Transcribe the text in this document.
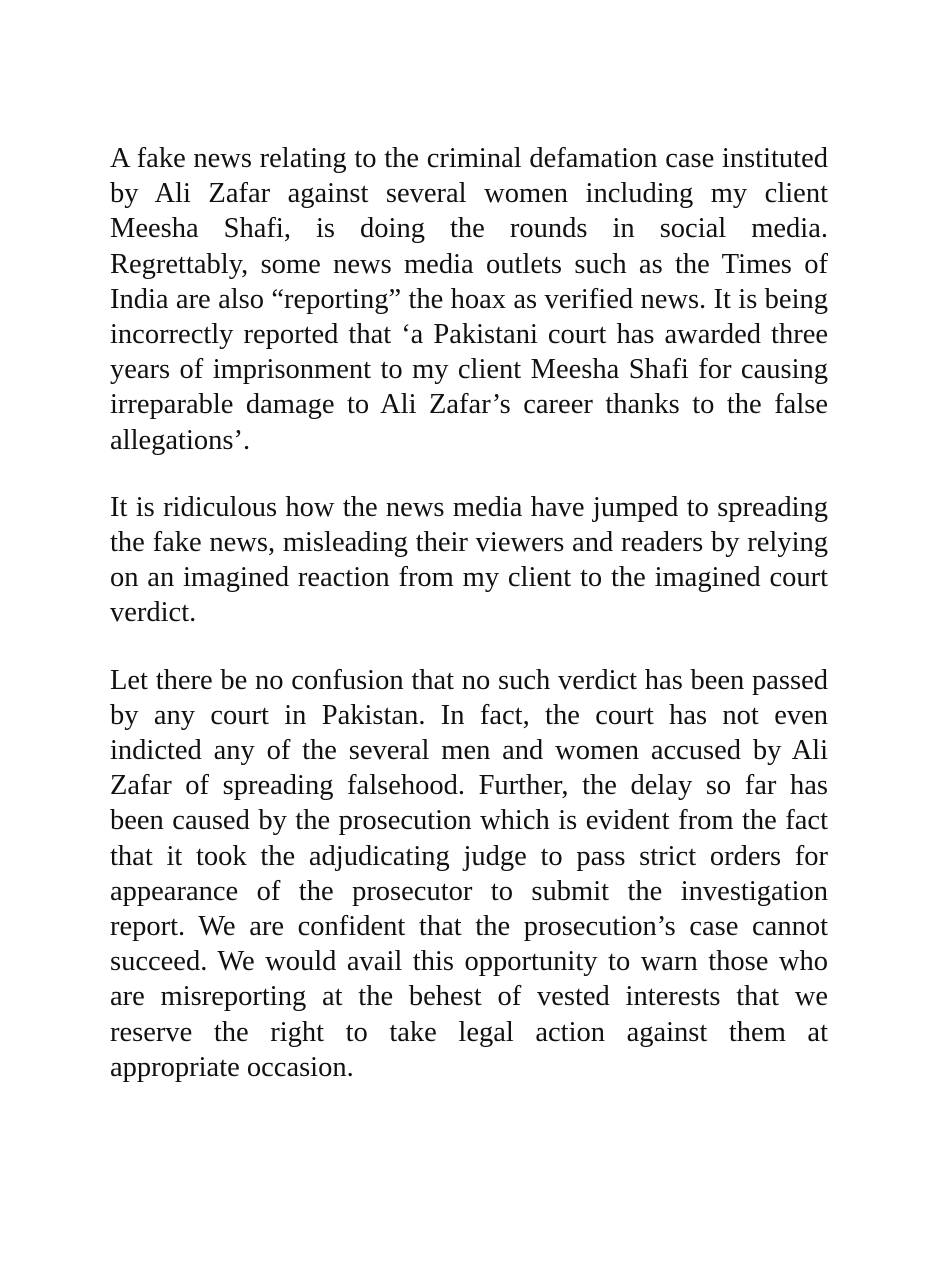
A fake news relating to the criminal defamation case instituted by Ali Zafar against several women including my client Meesha Shafi, is doing the rounds in social media. Regrettably, some news media outlets such as the Times of India are also “reporting” the hoax as verified news. It is being incorrectly reported that ‘a Pakistani court has awarded three years of imprisonment to my client Meesha Shafi for causing irreparable damage to Ali Zafar’s career thanks to the false allegations’.

It is ridiculous how the news media have jumped to spreading the fake news, misleading their viewers and readers by relying on an imagined reaction from my client to the imagined court verdict.

Let there be no confusion that no such verdict has been passed by any court in Pakistan. In fact, the court has not even indicted any of the several men and women accused by Ali Zafar of spreading falsehood. Further, the delay so far has been caused by the prosecution which is evident from the fact that it took the adjudicating judge to pass strict orders for appearance of the prosecutor to submit the investigation report. We are confident that the prosecution’s case cannot succeed. We would avail this opportunity to warn those who are misreporting at the behest of vested interests that we reserve the right to take legal action against them at appropriate occasion.
